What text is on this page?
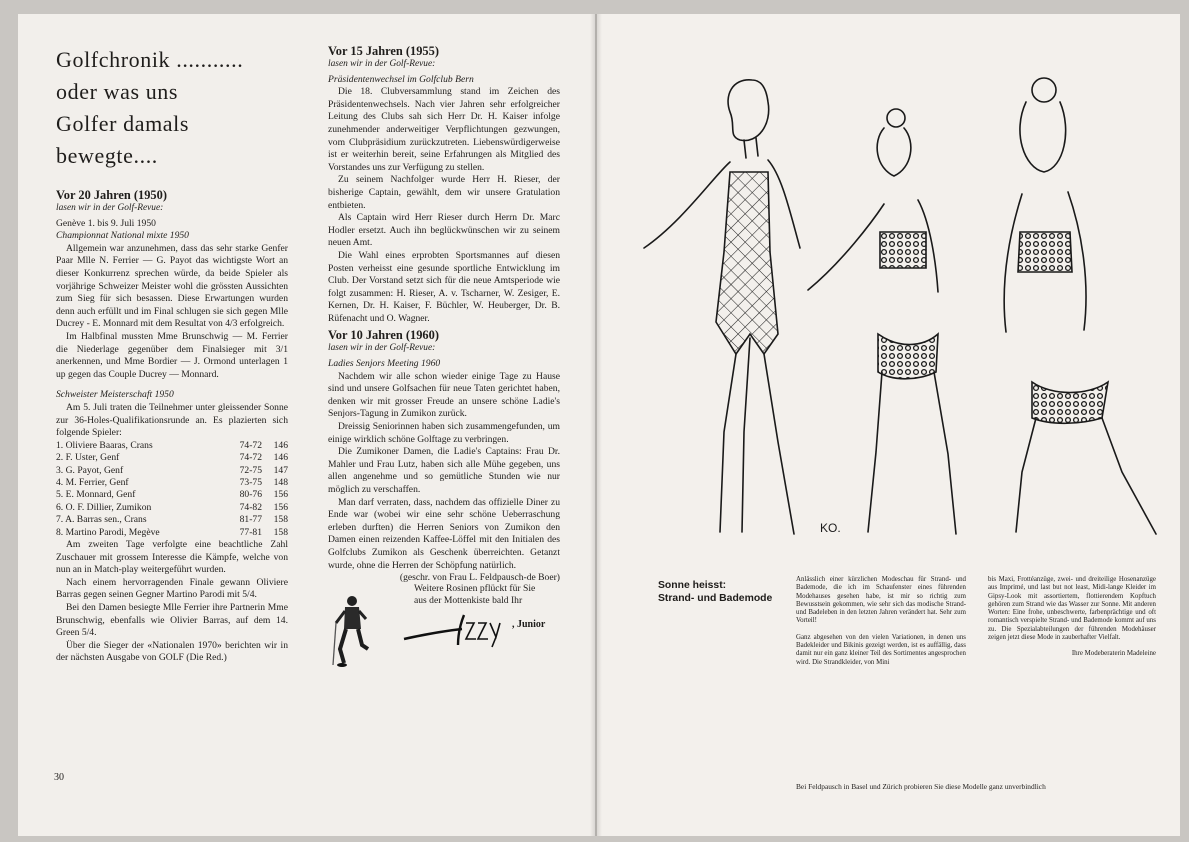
Golfchronik ...........
oder was uns
Golfer damals
bewegte....
Vor 20 Jahren (1950)
lasen wir in der Golf-Revue:

Genève 1. bis 9. Juli 1950

Championnat National mixte 1950

Allgemein war anzunehmen, dass das sehr starke Genfer Paar Mlle N. Ferrier — G. Payot das wichtigste Wort an dieser Konkurrenz sprechen würde, da beide Spieler als vorjährige Schweizer Meister wohl die grössten Aussichten zum Sieg für sich besassen. Diese Erwartungen wurden denn auch erfüllt und im Final schlugen sie sich gegen Mlle Ducrey - E. Monnard mit dem Resultat von 4/3 erfolgreich.

Im Halbfinal mussten Mme Brunschwig — M. Ferrier die Niederlage gegenüber dem Finalsieger mit 3/1 anerkennen, und Mme Bordier — J. Ormond unterlagen 1 up gegen das Couple Ducrey — Monnard.

Schweister Meisterschaft 1950

Am 5. Juli traten die Teilnehmer unter gleissender Sonne zur 36-Holes-Qualifikationsrunde an. Es plazierten sich folgende Spieler:

1. Oliviere Baaras, Crans	74-72	146
2. F. Uster, Genf	74-72	146
3. G. Payot, Genf	72-75	147
4. M. Ferrier, Genf	73-75	148
5. E. Monnard, Genf	80-76	156
6. O. F. Dillier, Zumikon	74-82	156
7. A. Barras sen., Crans	81-77	158
8. Martino Parodi, Megève	77-81	158

Am zweiten Tage verfolgte eine beachtliche Zahl Zuschauer mit grossem Interesse die Kämpfe, welche von nun an in Match-play weitergeführt wurden.

Nach einem hervorragenden Finale gewann Oliviere Barras gegen seinen Gegner Martino Parodi mit 5/4.

Bei den Damen besiegte Mlle Ferrier ihre Partnerin Mme Brunschwig, ebenfalls wie Olivier Barras, auf dem 14. Green 5/4.

Über die Sieger der «Nationalen 1970» berichten wir in der nächsten Ausgabe von GOLF (Die Red.)

Vor 15 Jahren (1955)
lasen wir in der Golf-Revue:
Präsidentenwechsel im Golfclub Bern

Die 18. Clubversammlung stand im Zeichen des Präsidentenwechsels. Nach vier Jahren sehr erfolgreicher Leitung des Clubs sah sich Herr Dr. H. Kaiser infolge zunehmender anderweitiger Verpflichtungen gezwungen, vom Clubpräsidium zurückzutreten. Liebenswürdigerweise ist er weiterhin bereit, seine Erfahrungen als Mitglied des Vorstandes uns zur Verfügung zu stellen.

Zu seinem Nachfolger wurde Herr H. Rieser, der bisherige Captain, gewählt, dem wir unsere Gratulation entbieten.

Als Captain wird Herr Rieser durch Herrn Dr. Marc Hodler ersetzt. Auch ihn beglückwünschen wir zu seinem neuen Amt.

Die Wahl eines erprobten Sportsmannes auf diesen Posten verheisst eine gesunde sportliche Entwicklung im Club. Der Vorstand setzt sich für die neue Amtsperiode wie folgt zusammen: H. Rieser, A. v. Tscharner, W. Zesiger, E. Kernen, Dr. H. Kaiser, F. Büchler, W. Heuberger, Dr. B. Rüfenacht und O. Wagner.

Vor 10 Jahren (1960)
lasen wir in der Golf-Revue:
Ladies Senjors Meeting 1960

Nachdem wir alle schon wieder einige Tage zu Hause sind und unsere Golfsachen für neue Taten gerichtet haben, denken wir mit grosser Freude an unsere schöne Ladie's Senjors-Tagung in Zumikon zurück.

Dreissig Seniorinnen haben sich zusammengefunden, um einige wirklich schöne Golftage zu verbringen.

Die Zumikoner Damen, die Ladie's Captains: Frau Dr. Mahler und Frau Lutz, haben sich alle Mühe gegeben, uns allen angenehme und so gemütliche Stunden wie nur möglich zu verschaffen.

Man darf verraten, dass, nachdem das offizielle Diner zu Ende war (wobei wir eine sehr schöne Ueberraschung erleben durften) die Herren Seniors von Zumikon den Damen einen reizenden Kaffee-Löffel mit den Initialen des Golfclubs Zumikon als Geschenk überreichten. Getanzt wurde, ohne die Herren der Schöpfung natürlich.

(geschr. von Frau L. Feldpausch-de Boer)
Weitere Rosinen pflückt für Sie
aus der Mottenkiste bald Ihr
, Junior
30
KO.
Sonne heisst:
Strand- und Bademode

Anlässlich einer kürzlichen Modeschau für Strand- und Bademode, die ich im Schaufenster eines führenden Modehauses gesehen habe, ist mir so richtig zum Bewusstsein gekommen, wie sehr sich das modische Strand- und Badeleben in den letzten Jahren verändert hat. Sehr zum Vorteil!

Ganz abgesehen von den vielen Variationen, in denen uns Badekleider und Bikinis gezeigt werden, ist es auffällig, dass damit nur ein ganz kleiner Teil des Sortimentes angesprochen wird. Die Strandkleider, von Mini

bis Maxi, Frottéanzüge, zwei- und dreiteilige Hosenanzüge aus Imprimé, und last but not least, Midi-lange Kleider im Gipsy-Look mit assortiertem, flottierendem Kopftuch gehören zum Strand wie das Wasser zur Sonne. Mit anderen Worten: Eine frohe, unbeschwerte, farbenprächtige und oft romantisch verspielte Strand- und Bademode kommt auf uns zu. Die Spezialabteilungen der führenden Modehäuser zeigen jetzt diese Mode in zauberhafter Vielfalt.

Ihre Modeberaterin Madeleine
Bei Feldpausch in Basel und Zürich probieren Sie diese Modelle ganz unverbindlich
